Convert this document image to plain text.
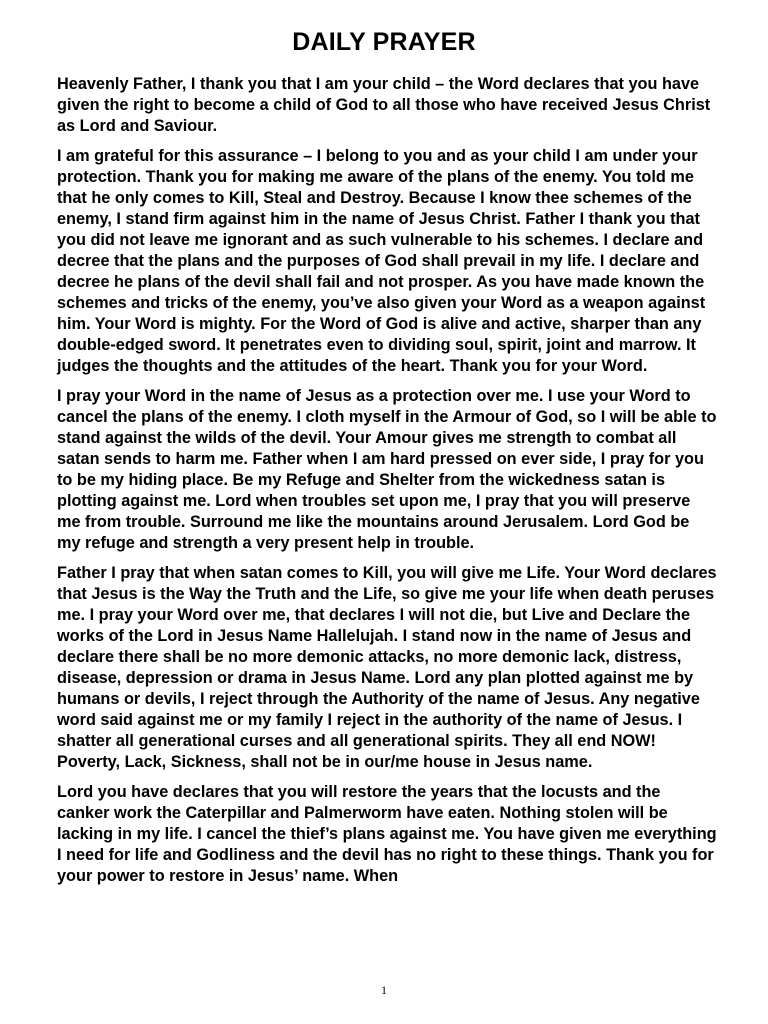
DAILY PRAYER

Heavenly Father, I thank you that I am your child – the Word declares that you have given the right to become a child of God to all those who have received Jesus Christ as Lord and Saviour.

I am grateful for this assurance – I belong to you and as your child I am under your protection. Thank you for making me aware of the plans of the enemy. You told me that he only comes to Kill, Steal and Destroy. Because I know thee schemes of the enemy, I stand firm against him in the name of Jesus Christ. Father I thank you that you did not leave me ignorant and as such vulnerable to his schemes. I declare and decree that the plans and the purposes of God shall prevail in my life. I declare and decree he plans of the devil shall fail and not prosper. As you have made known the schemes and tricks of the enemy, you’ve also given your Word as a weapon against him. Your Word is mighty. For the Word of God is alive and active, sharper than any double-edged sword. It penetrates even to dividing soul, spirit, joint and marrow. It judges the thoughts and the attitudes of the heart. Thank you for your Word.

I pray your Word in the name of Jesus as a protection over me. I use your Word to cancel the plans of the enemy. I cloth myself in the Armour of God, so I will be able to stand against the wilds of the devil. Your Amour gives me strength to combat all satan sends to harm me. Father when I am hard pressed on ever side, I pray for you to be my hiding place. Be my Refuge and Shelter from the wickedness satan is plotting against me. Lord when troubles set upon me, I pray that you will preserve me from trouble. Surround me like the mountains around Jerusalem. Lord God be my refuge and strength a very present help in trouble.

Father I pray that when satan comes to Kill, you will give me Life. Your Word declares that Jesus is the Way the Truth and the Life, so give me your life when death peruses me. I pray your Word over me, that declares I will not die, but Live and Declare the works of the Lord in Jesus Name Hallelujah. I stand now in the name of Jesus and declare there shall be no more demonic attacks, no more demonic lack, distress, disease, depression or drama in Jesus Name. Lord any plan plotted against me by humans or devils, I reject through the Authority of the name of Jesus. Any negative word said against me or my family I reject in the authority of the name of Jesus. I shatter all generational curses and all generational spirits. They all end NOW! Poverty, Lack, Sickness, shall not be in our/me house in Jesus name.

Lord you have declares that you will restore the years that the locusts and the canker work the Caterpillar and Palmerworm have eaten. Nothing stolen will be lacking in my life. I cancel the thief’s plans against me. You have given me everything I need for life and Godliness and the devil has no right to these things. Thank you for your power to restore in Jesus’ name. When

1
